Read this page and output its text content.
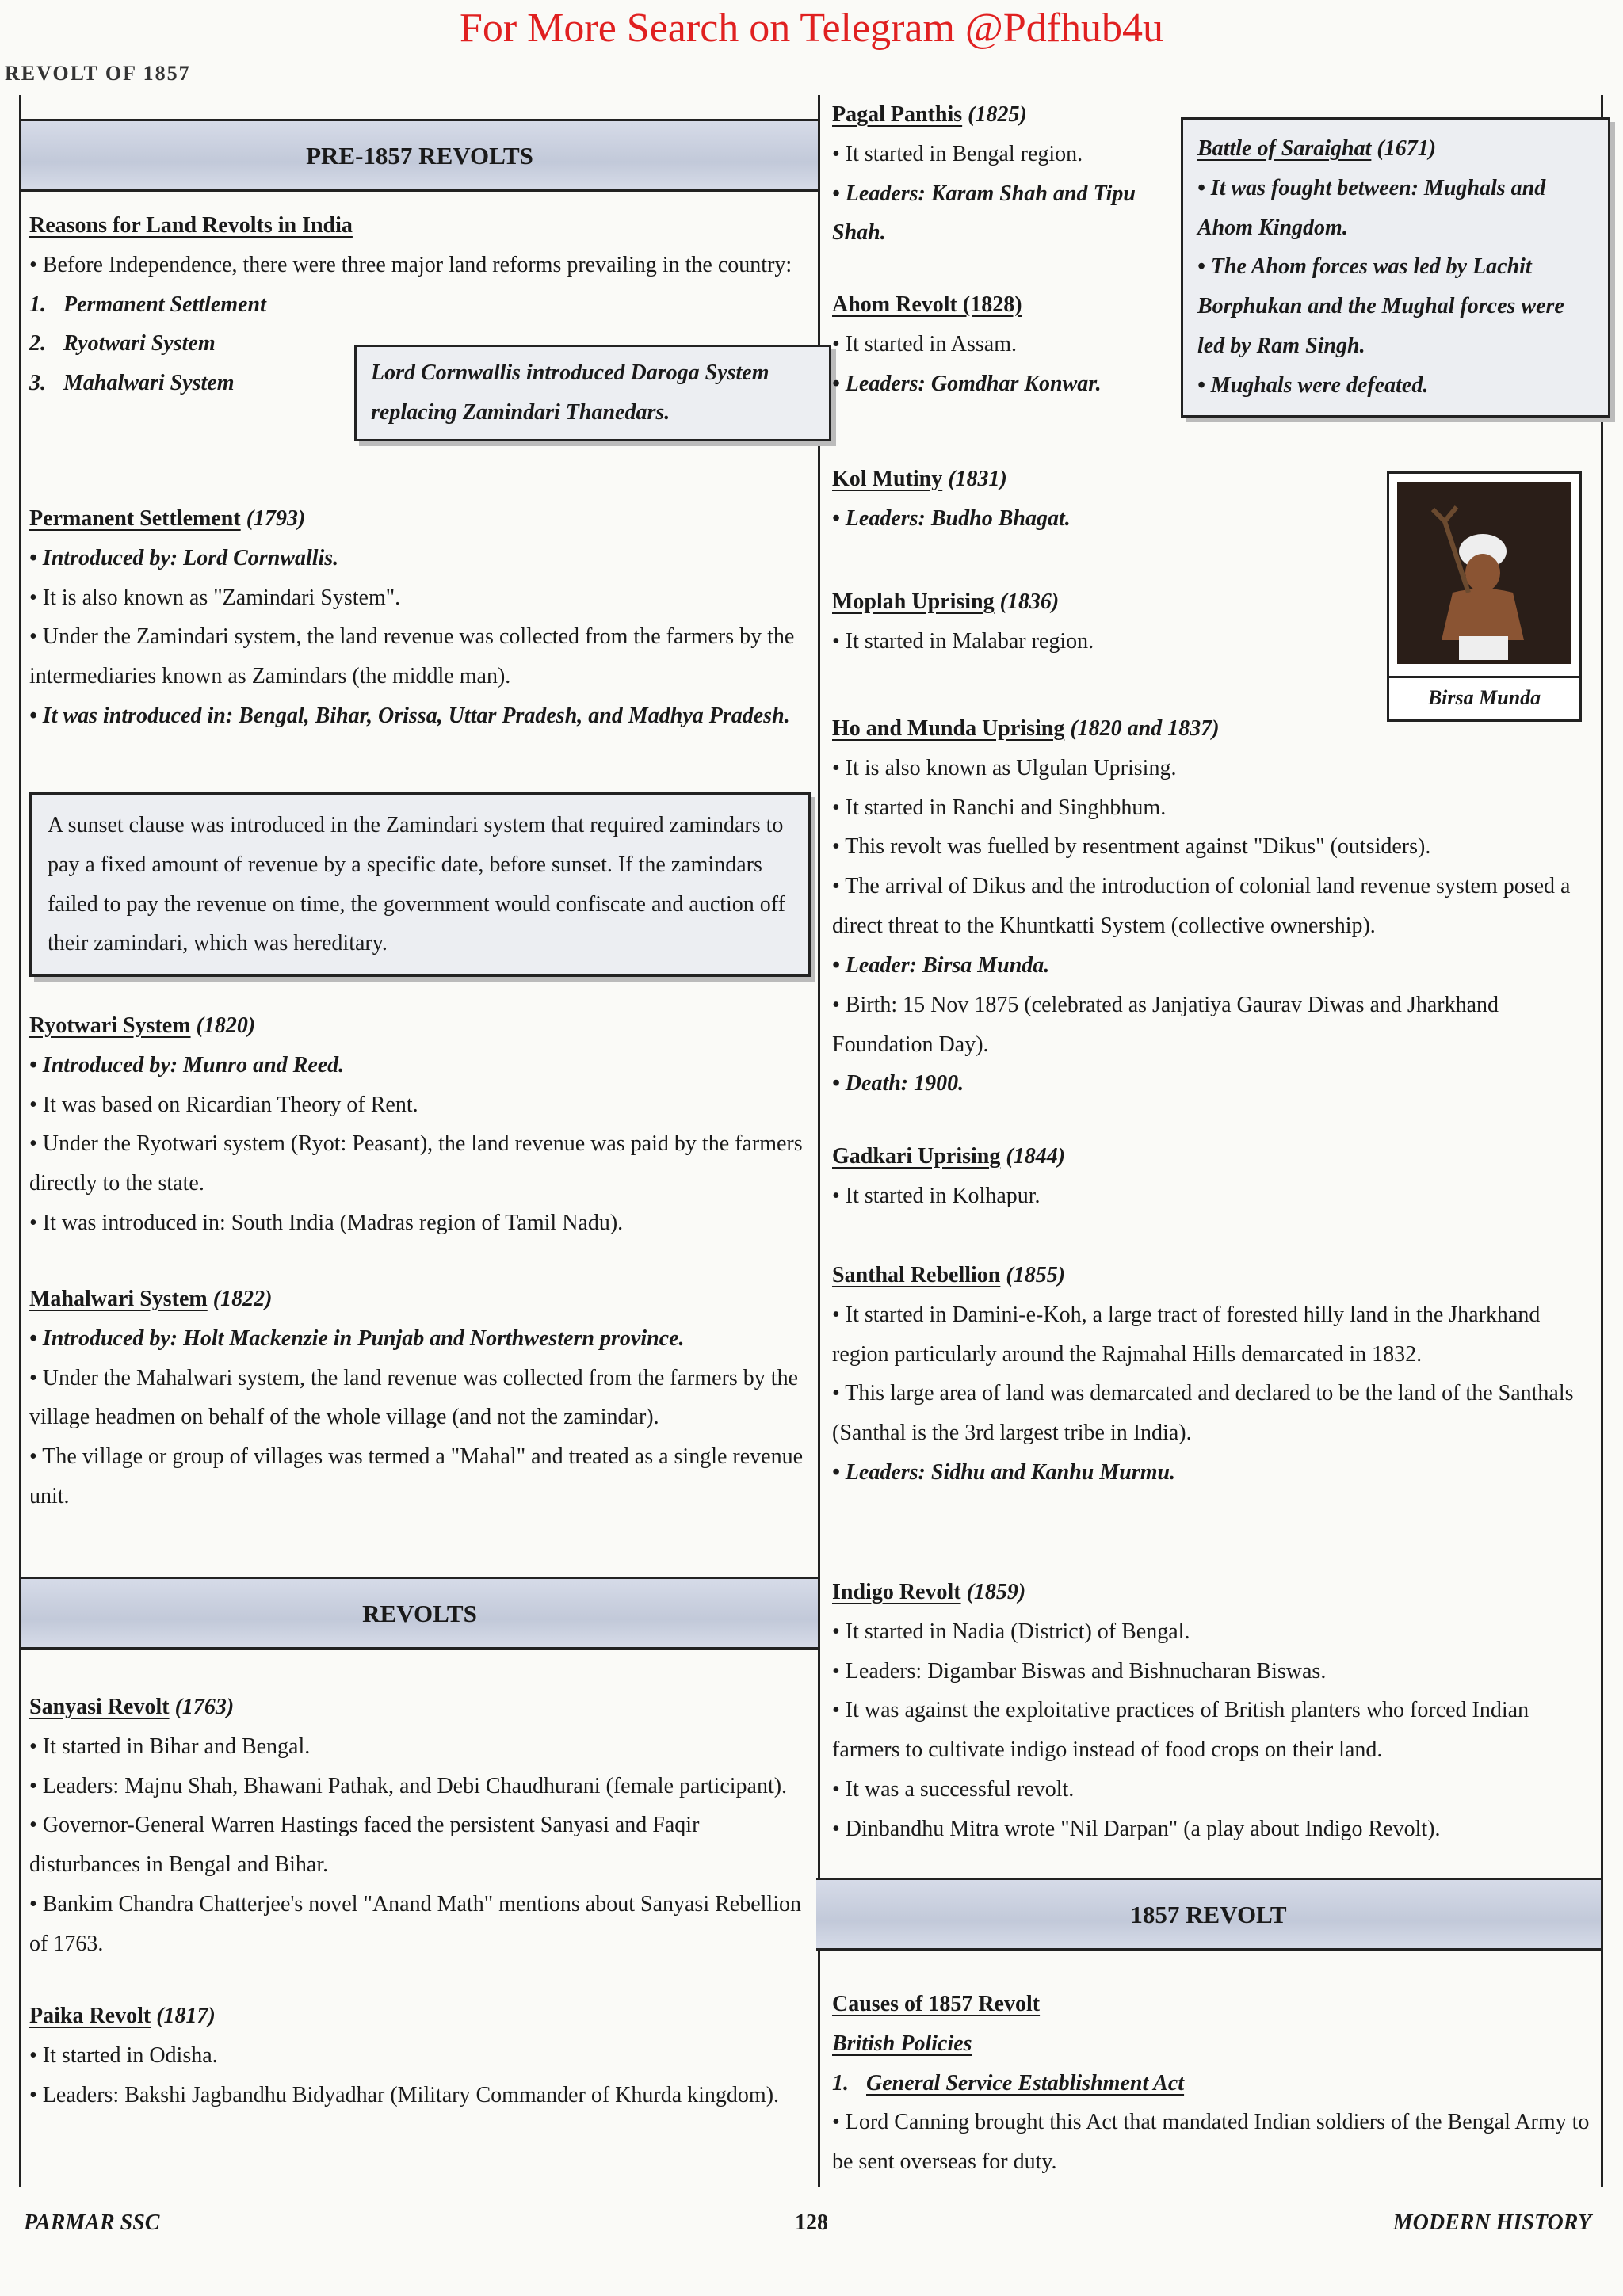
For More Search on Telegram @Pdfhub4u
REVOLT OF 1857
PRE-1857 REVOLTS
Reasons for Land Revolts in India

• Before Independence, there were three major land reforms prevailing in the country:

1. Permanent Settlement
2. Ryotwari System
3. Mahalwari System	Lord Cornwallis introduced Daroga System replacing Zamindari Thanedars.
Permanent Settlement (1793)

• Introduced by: Lord Cornwallis.

• It is also known as "Zamindari System".

• Under the Zamindari system, the land revenue was collected from the farmers by the intermediaries known as Zamindars (the middle man).

• It was introduced in: Bengal, Bihar, Orissa, Uttar Pradesh, and Madhya Pradesh.

A sunset clause was introduced in the Zamindari system that required zamindars to pay a fixed amount of revenue by a specific date, before sunset. If the zamindars failed to pay the revenue on time, the government would confiscate and auction off their zamindari, which was hereditary.
Ryotwari System (1820)

• Introduced by: Munro and Reed.

• It was based on Ricardian Theory of Rent.

• Under the Ryotwari system (Ryot: Peasant), the land revenue was paid by the farmers directly to the state.

• It was introduced in: South India (Madras region of Tamil Nadu).

Mahalwari System (1822)

• Introduced by: Holt Mackenzie in Punjab and Northwestern province.

• Under the Mahalwari system, the land revenue was collected from the farmers by the village headmen on behalf of the whole village (and not the zamindar).

• The village or group of villages was termed a "Mahal" and treated as a single revenue unit.

REVOLTS
Sanyasi Revolt (1763)

• It started in Bihar and Bengal.

• Leaders: Majnu Shah, Bhawani Pathak, and Debi Chaudhurani (female participant).

• Governor-General Warren Hastings faced the persistent Sanyasi and Faqir disturbances in Bengal and Bihar.

• Bankim Chandra Chatterjee's novel "Anand Math" mentions about Sanyasi Rebellion of 1763.

Paika Revolt (1817)

• It started in Odisha.

• Leaders: Bakshi Jagbandhu Bidyadhar (Military Commander of Khurda kingdom).

Pagal Panthis (1825)

• It started in Bengal region.

• Leaders: Karam Shah and Tipu Shah.

Battle of Saraighat (1671)

• It was fought between: Mughals and Ahom Kingdom.

• The Ahom forces was led by Lachit Borphukan and the Mughal forces were led by Ram Singh.

• Mughals were defeated.

Ahom Revolt (1828)

• It started in Assam.

• Leaders: Gomdhar Konwar.

Kol Mutiny (1831)

• Leaders: Budho Bhagat.

Moplah Uprising (1836)

• It started in Malabar region.

Birsa Munda
Ho and Munda Uprising (1820 and 1837)

• It is also known as Ulgulan Uprising.

• It started in Ranchi and Singhbhum.

• This revolt was fuelled by resentment against "Dikus" (outsiders).

• The arrival of Dikus and the introduction of colonial land revenue system posed a direct threat to the Khuntkatti System (collective ownership).

• Leader: Birsa Munda.

• Birth: 15 Nov 1875 (celebrated as Janjatiya Gaurav Diwas and Jharkhand Foundation Day).

• Death: 1900.

Gadkari Uprising (1844)

• It started in Kolhapur.

Santhal Rebellion (1855)

• It started in Damini-e-Koh, a large tract of forested hilly land in the Jharkhand region particularly around the Rajmahal Hills demarcated in 1832.

• This large area of land was demarcated and declared to be the land of the Santhals (Santhal is the 3rd largest tribe in India).

• Leaders: Sidhu and Kanhu Murmu.

Indigo Revolt (1859)

• It started in Nadia (District) of Bengal.

• Leaders: Digambar Biswas and Bishnucharan Biswas.

• It was against the exploitative practices of British planters who forced Indian farmers to cultivate indigo instead of food crops on their land.

• It was a successful revolt.

• Dinbandhu Mitra wrote "Nil Darpan" (a play about Indigo Revolt).

1857 REVOLT
Causes of 1857 Revolt
British Policies
1. General Service Establishment Act

• Lord Canning brought this Act that mandated Indian soldiers of the Bengal Army to be sent overseas for duty.

PARMAR SSC	128	MODERN HISTORY
